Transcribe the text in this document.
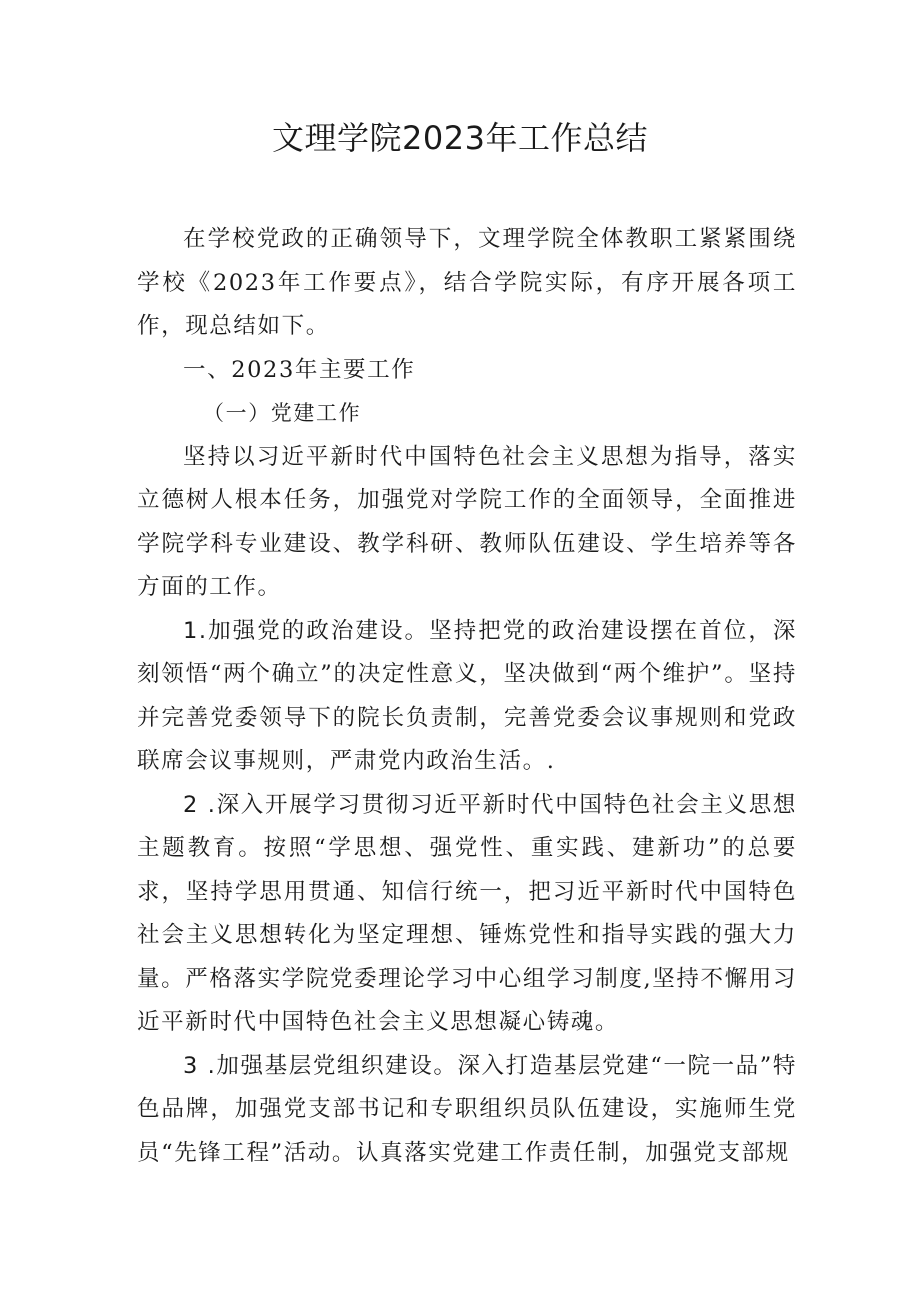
文理学院2023年工作总结

在学校党政的正确领导下，文理学院全体教职工紧紧围绕学校《2023年工作要点》，结合学院实际，有序开展各项工作，现总结如下。

一、2023年主要工作

（一）党建工作

坚持以习近平新时代中国特色社会主义思想为指导，落实立德树人根本任务，加强党对学院工作的全面领导，全面推进学院学科专业建设、教学科研、教师队伍建设、学生培养等各方面的工作。

1.加强党的政治建设。坚持把党的政治建设摆在首位，深刻领悟“两个确立”的决定性意义，坚决做到“两个维护”。坚持并完善党委领导下的院长负责制，完善党委会议事规则和党政联席会议事规则，严肃党内政治生活。.

2 .深入开展学习贯彻习近平新时代中国特色社会主义思想主题教育。按照“学思想、强党性、重实践、建新功”的总要求，坚持学思用贯通、知信行统一，把习近平新时代中国特色社会主义思想转化为坚定理想、锤炼党性和指导实践的强大力量。严格落实学院党委理论学习中心组学习制度,坚持不懈用习近平新时代中国特色社会主义思想凝心铸魂。

3 .加强基层党组织建设。深入打造基层党建“一院一品”特色品牌，加强党支部书记和专职组织员队伍建设，实施师生党员“先锋工程”活动。认真落实党建工作责任制，加强党支部规
